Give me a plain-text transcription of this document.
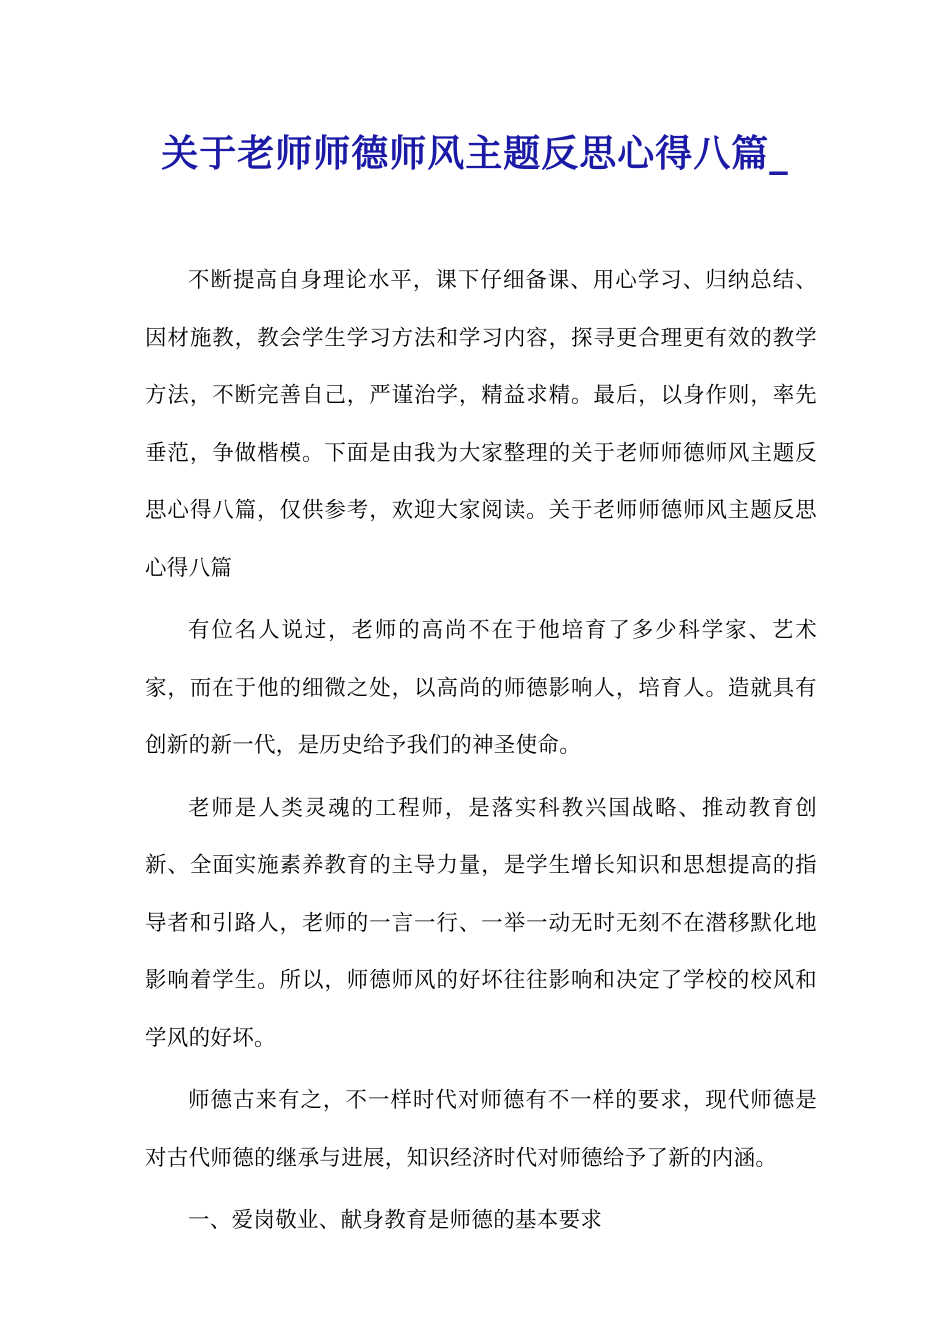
关于老师师德师风主题反思心得八篇_

不断提高自身理论水平，课下仔细备课、用心学习、归纳总结、因材施教，教会学生学习方法和学习内容，探寻更合理更有效的教学方法，不断完善自己，严谨治学，精益求精。最后，以身作则，率先垂范，争做楷模。下面是由我为大家整理的关于老师师德师风主题反思心得八篇，仅供参考，欢迎大家阅读。关于老师师德师风主题反思心得八篇

有位名人说过，老师的高尚不在于他培育了多少科学家、艺术家，而在于他的细微之处，以高尚的师德影响人，培育人。造就具有创新的新一代，是历史给予我们的神圣使命。

老师是人类灵魂的工程师，是落实科教兴国战略、推动教育创新、全面实施素养教育的主导力量，是学生增长知识和思想提高的指导者和引路人，老师的一言一行、一举一动无时无刻不在潜移默化地影响着学生。所以，师德师风的好坏往往影响和决定了学校的校风和学风的好坏。

师德古来有之，不一样时代对师德有不一样的要求，现代师德是对古代师德的继承与进展，知识经济时代对师德给予了新的内涵。

一、爱岗敬业、献身教育是师德的基本要求
